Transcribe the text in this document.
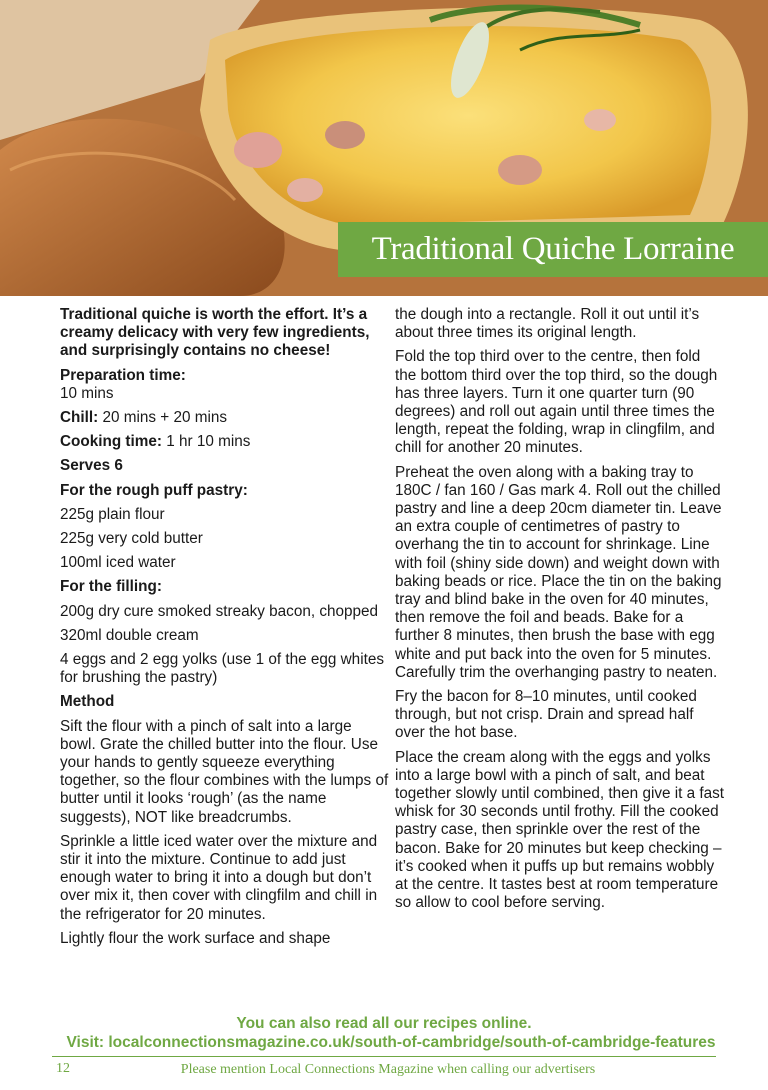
Traditional Quiche Lorraine

Traditional quiche is worth the effort. It’s a creamy delicacy with very few ingredients, and surprisingly contains no cheese!

Preparation time:
10 mins

Chill: 20 mins + 20 mins

Cooking time: 1 hr 10 mins

Serves 6

For the rough puff pastry:

225g plain flour

225g very cold butter

100ml iced water

For the filling:

200g dry cure smoked streaky bacon, chopped

320ml double cream

4 eggs and 2 egg yolks (use 1 of the egg whites for brushing the pastry)

Method

Sift the flour with a pinch of salt into a large bowl. Grate the chilled butter into the flour. Use your hands to gently squeeze everything together, so the flour combines with the lumps of butter until it looks ‘rough’ (as the name suggests), NOT like breadcrumbs.

Sprinkle a little iced water over the mixture and stir it into the mixture. Continue to add just enough water to bring it into a dough but don’t over mix it, then cover with clingfilm and chill in the refrigerator for 20 minutes.

Lightly flour the work surface and shape

the dough into a rectangle. Roll it out until it’s about three times its original length.

Fold the top third over to the centre, then fold the bottom third over the top third, so the dough has three layers. Turn it one quarter turn (90 degrees) and roll out again until three times the length, repeat the folding, wrap in clingfilm, and chill for another 20 minutes.

Preheat the oven along with a baking tray to 180C / fan 160 / Gas mark 4. Roll out the chilled pastry and line a deep 20cm diameter tin. Leave an extra couple of centimetres of pastry to overhang the tin to account for shrinkage. Line with foil (shiny side down) and weight down with baking beads or rice. Place the tin on the baking tray and blind bake in the oven for 40 minutes, then remove the foil and beads. Bake for a further 8 minutes, then brush the base with egg white and put back into the oven for 5 minutes. Carefully trim the overhanging pastry to neaten.

Fry the bacon for 8–10 minutes, until cooked through, but not crisp. Drain and spread half over the hot base.

Place the cream along with the eggs and yolks into a large bowl with a pinch of salt, and beat together slowly until combined, then give it a fast whisk for 30 seconds until frothy. Fill the cooked pastry case, then sprinkle over the rest of the bacon. Bake for 20 minutes but keep checking – it’s cooked when it puffs up but remains wobbly at the centre. It tastes best at room temperature so allow to cool before serving.

You can also read all our recipes online.
Visit: localconnectionsmagazine.co.uk/south-of-cambridge/south-of-cambridge-features
12	Please mention Local Connections Magazine when calling our advertisers
